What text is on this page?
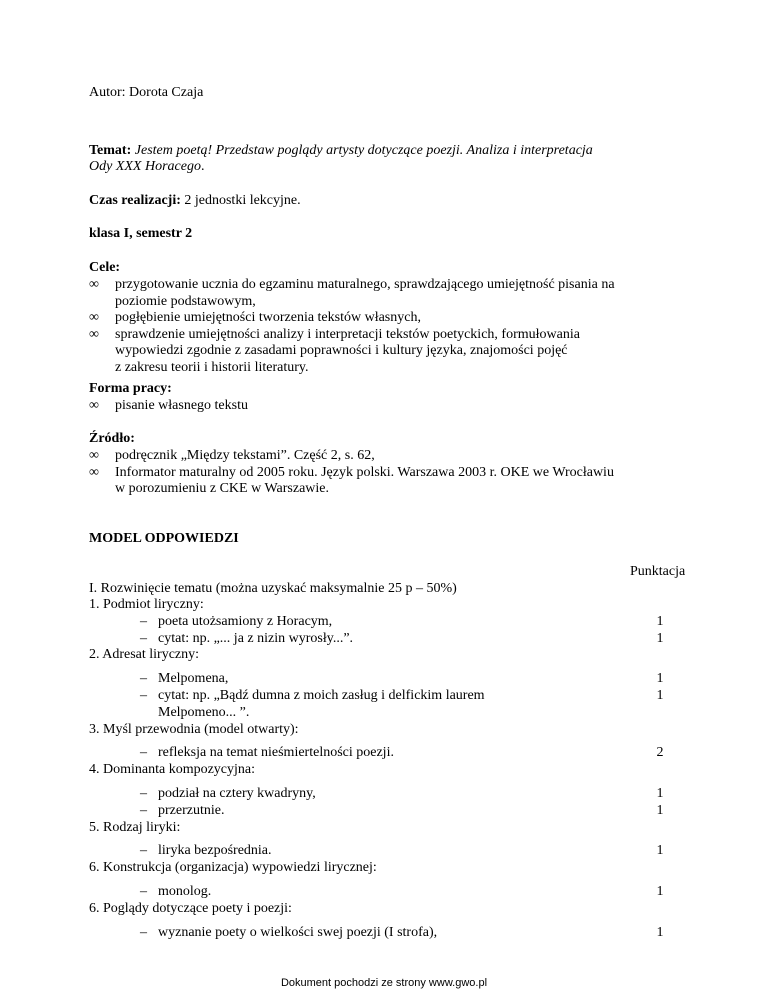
Autor: Dorota Czaja
Temat: Jestem poetą! Przedstaw poglądy artysty dotyczące poezji. Analiza i interpretacja
Ody XXX Horacego.
Czas realizacji: 2 jednostki lekcyjne.
klasa I, semestr 2
Cele:
∞ przygotowanie ucznia do egzaminu maturalnego, sprawdzającego umiejętność pisania na
poziomie podstawowym,
∞ pogłębienie umiejętności tworzenia tekstów własnych,
∞ sprawdzenie umiejętności analizy i interpretacji tekstów poetyckich, formułowania
wypowiedzi zgodnie z zasadami poprawności i kultury języka, znajomości pojęć
z zakresu teorii i historii literatury.
Forma pracy:
∞ pisanie własnego tekstu
Źródło:
∞ podręcznik „Między tekstami”. Część 2, s. 62,
∞ Informator maturalny od 2005 roku. Język polski. Warszawa 2003 r. OKE we Wrocławiu
w porozumieniu z CKE w Warszawie.
MODEL ODPOWIEDZI
Punktacja
I. Rozwinięcie tematu (można uzyskać maksymalnie 25 p – 50%)
1. Podmiot liryczny:
– poeta utożsamiony z Horacym,	1
– cytat: np. „... ja z nizin wyrosły...”.	1
2. Adresat liryczny:
– Melpomena,	1
– cytat: np. „Bądź dumna z moich zasług i delfickim laurem	1
Melpomeno... ”.
3. Myśl przewodnia (model otwarty):
– refleksja na temat nieśmiertelności poezji.	2
4. Dominanta kompozycyjna:
– podział na cztery kwadryny,	1
– przerzutnie.	1
5. Rodzaj liryki:
– liryka bezpośrednia.	1
6. Konstrukcja (organizacja) wypowiedzi lirycznej:
– monolog.	1
6. Poglądy dotyczące poety i poezji:
– wyznanie poety o wielkości swej poezji (I strofa),	1
Dokument pochodzi ze strony www.gwo.pl
